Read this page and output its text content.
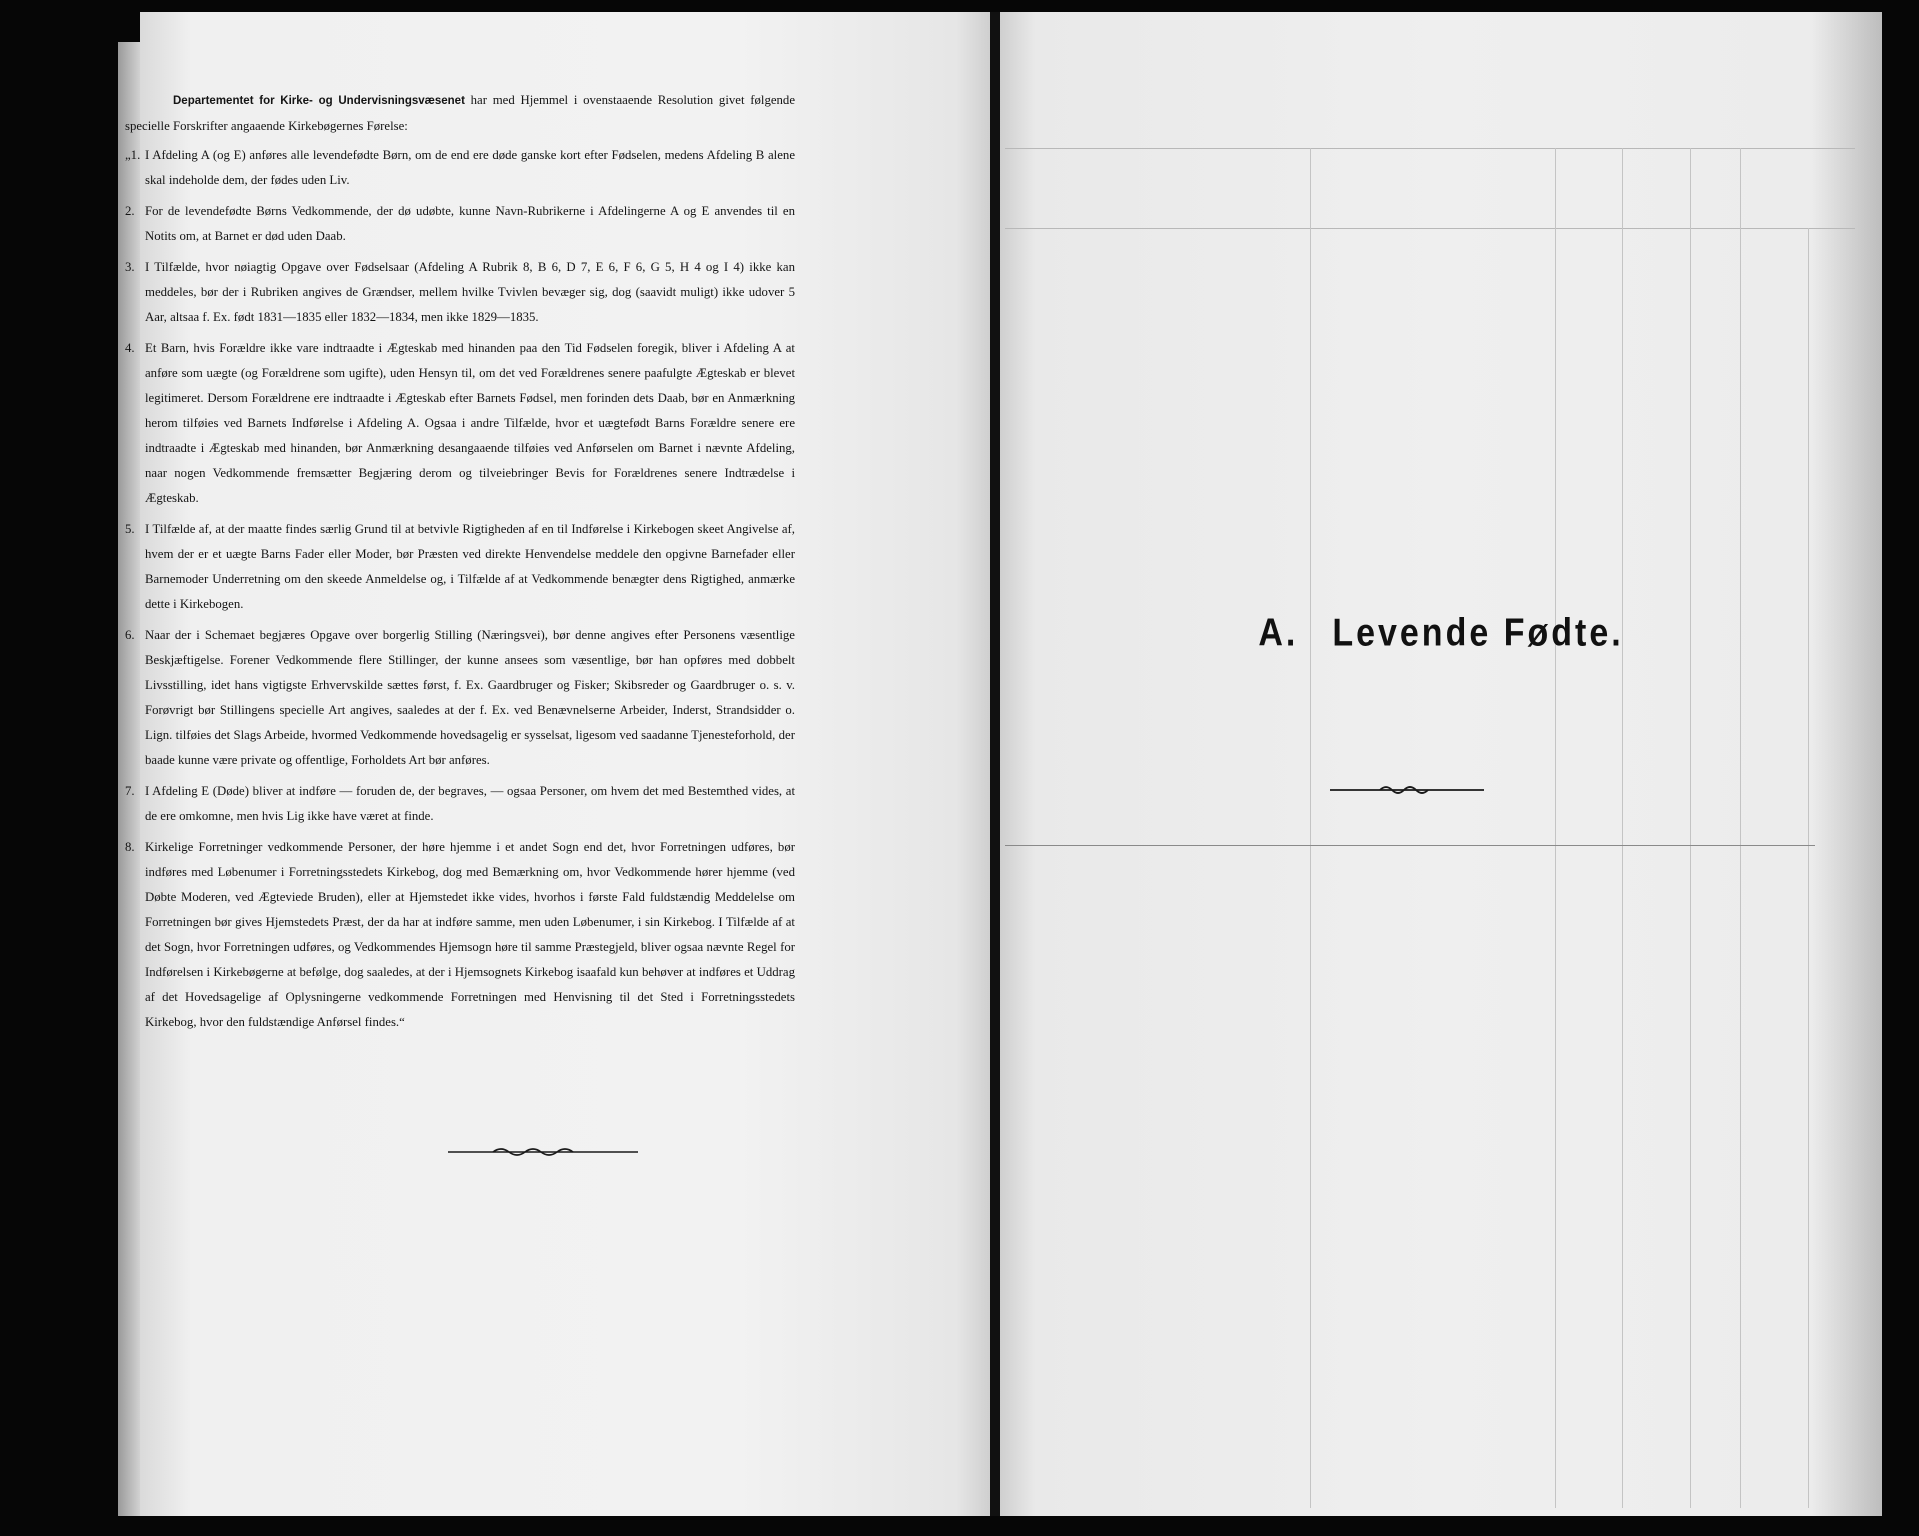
Departementet for Kirke- og Undervisningsvæsenet har med Hjemmel i ovenstaaende Resolution givet følgende specielle Forskrifter angaaende Kirkebøgernes Førelse:

„1. I Afdeling A (og E) anføres alle levendefødte Børn, om de end ere døde ganske kort efter Fødselen, medens Afdeling B alene skal indeholde dem, der fødes uden Liv.
2. For de levendefødte Børns Vedkommende, der dø udøbte, kunne Navn-Rubrikerne i Afdelingerne A og E anvendes til en Notits om, at Barnet er død uden Daab.
3. I Tilfælde, hvor nøiagtig Opgave over Fødselsaar (Afdeling A Rubrik 8, B 6, D 7, E 6, F 6, G 5, H 4 og I 4) ikke kan meddeles, bør der i Rubriken angives de Grændser, mellem hvilke Tvivlen bevæger sig, dog (saavidt muligt) ikke udover 5 Aar, altsaa f. Ex. født 1831—1835 eller 1832—1834, men ikke 1829—1835.
4. Et Barn, hvis Forældre ikke vare indtraadte i Ægteskab med hinanden paa den Tid Fødselen foregik, bliver i Afdeling A at anføre som uægte (og Forældrene som ugifte), uden Hensyn til, om det ved Forældrenes senere paafulgte Ægteskab er blevet legitimeret. Dersom Forældrene ere indtraadte i Ægteskab efter Barnets Fødsel, men forinden dets Daab, bør en Anmærkning herom tilføies ved Barnets Indførelse i Afdeling A. Ogsaa i andre Tilfælde, hvor et uægtefødt Barns Forældre senere ere indtraadte i Ægteskab med hinanden, bør Anmærkning desangaaende tilføies ved Anførselen om Barnet i nævnte Afdeling, naar nogen Vedkommende fremsætter Begjæring derom og tilveiebringer Bevis for Forældrenes senere Indtrædelse i Ægteskab.
5. I Tilfælde af, at der maatte findes særlig Grund til at betvivle Rigtigheden af en til Indførelse i Kirkebogen skeet Angivelse af, hvem der er et uægte Barns Fader eller Moder, bør Præsten ved direkte Henvendelse meddele den opgivne Barnefader eller Barnemoder Underretning om den skeede Anmeldelse og, i Tilfælde af at Vedkommende benægter dens Rigtighed, anmærke dette i Kirkebogen.
6. Naar der i Schemaet begjæres Opgave over borgerlig Stilling (Næringsvei), bør denne angives efter Personens væsentlige Beskjæftigelse. Forener Vedkommende flere Stillinger, der kunne ansees som væsentlige, bør han opføres med dobbelt Livsstilling, idet hans vigtigste Erhvervskilde sættes først, f. Ex. Gaardbruger og Fisker; Skibsreder og Gaardbruger o. s. v. Forøvrigt bør Stillingens specielle Art angives, saaledes at der f. Ex. ved Benævnelserne Arbeider, Inderst, Strandsidder o. Lign. tilføies det Slags Arbeide, hvormed Vedkommende hovedsagelig er sysselsat, ligesom ved saadanne Tjenesteforhold, der baade kunne være private og offentlige, Forholdets Art bør anføres.
7. I Afdeling E (Døde) bliver at indføre — foruden de, der begraves, — ogsaa Personer, om hvem det med Bestemthed vides, at de ere omkomne, men hvis Lig ikke have været at finde.
8. Kirkelige Forretninger vedkommende Personer, der høre hjemme i et andet Sogn end det, hvor Forretningen udføres, bør indføres med Løbenumer i Forretningsstedets Kirkebog, dog med Bemærkning om, hvor Vedkommende hører hjemme (ved Døbte Moderen, ved Ægteviede Bruden), eller at Hjemstedet ikke vides, hvorhos i første Fald fuldstændig Meddelelse om Forretningen bør gives Hjemstedets Præst, der da har at indføre samme, men uden Løbenumer, i sin Kirkebog. I Tilfælde af at det Sogn, hvor Forretningen udføres, og Vedkommendes Hjemsogn høre til samme Præstegjeld, bliver ogsaa nævnte Regel for Indførelsen i Kirkebøgerne at befølge, dog saaledes, at der i Hjemsognets Kirkebog isaafald kun behøver at indføres et Uddrag af det Hovedsagelige af Oplysningerne vedkommende Forretningen med Henvisning til det Sted i Forretningsstedets Kirkebog, hvor den fuldstændige Anførsel findes.“
A. Levende Fødte.
